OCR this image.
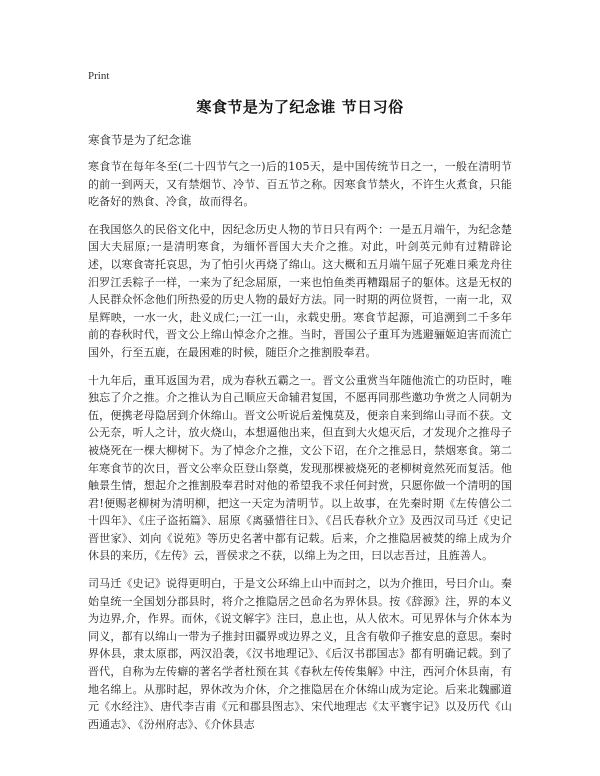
Print
寒食节是为了纪念谁 节日习俗
寒食节是为了纪念谁

寒食节在每年冬至(二十四节气之一)后的105天，是中国传统节日之一，一般在清明节的前一到两天，又有禁烟节、冷节、百五节之称。因寒食节禁火，不许生火煮食，只能吃备好的熟食、冷食，故而得名。

在我国悠久的民俗文化中，因纪念历史人物的节日只有两个：一是五月端午，为纪念楚国大夫屈原;一是清明寒食，为缅怀晋国大夫介之推。对此，叶剑英元帅有过精辟论述，以寒食寄托哀思，为了怕引火再烧了绵山。这大概和五月端午屈子死难日乘龙舟往汨罗江丢粽子一样，一来为了纪念屈原，一来也怕鱼类再糟蹋屈子的躯体。这是无权的人民群众怀念他们所热爱的历史人物的最好方法。同一时期的两位贤哲，一南一北，双星辉映，一水一火，赴义成仁;一江一山，永载史册。寒食节起源，可追溯到二千多年前的春秋时代，晋文公上绵山悼念介之推。当时，晋国公子重耳为逃避骊姬迫害而流亡国外，行至五鹿，在最困难的时候，随臣介之推割股奉君。

十九年后，重耳返国为君，成为春秋五霸之一。晋文公重赏当年随他流亡的功臣时，唯独忘了介之推。介之推认为自己顺应天命辅君复国，不愿再同那些邀功争赏之人同朝为伍，便携老母隐居到介休绵山。晋文公听说后羞愧莫及，便亲自来到绵山寻而不获。文公无奈，听人之计，放火烧山，本想逼他出来，但直到大火熄灭后，才发现介之推母子被烧死在一棵大柳树下。为了悼念介之推，文公下诏，在介之推忌日，禁烟寒食。第二年寒食节的次日，晋文公率众臣登山祭奠，发现那棵被烧死的老柳树竟然死而复活。他触景生情，想起介之推割股奉君时对他的希望我不求任何封赏，只愿你做一个清明的国君!便赐老柳树为清明柳，把这一天定为清明节。以上故事，在先秦时期《左传僖公二十四年》、《庄子盗拓篇》、屈原《离骚惜往日》、《吕氏春秋介立》及西汉司马迁《史记晋世家》、刘向《说苑》等历史名著中都有记载。后来，介之推隐居被焚的绵上成为介休县的来历，《左传》云，晋侯求之不获，以绵上为之田，曰以志吾过，且旌善人。

司马迁《史记》说得更明白，于是文公环绵上山中而封之，以为介推田，号曰介山。秦始皇统一全国划分郡县时，将介之推隐居之邑命名为界休县。按《辞源》注，界的本义为边界,介，作界。而休，《说文解字》注曰，息止也，从人依木。可见界休与介休本为同义，都有以绵山一带为子推封田疆界或边界之义，且含有敬仰子推安息的意思。秦时界休县，隶太原郡，两汉沿袭，《汉书地理记》、《后汉书郡国志》都有明确记载。到了晋代，自称为左传癖的著名学者杜预在其《春秋左传传集解》中注，西河介休县南，有地名绵上。从那时起，界休改为介休，介之推隐居在介休绵山成为定论。后来北魏郦道元《水经注》、唐代李吉甫《元和郡县图志》、宋代地理志《太平寰宇记》以及历代《山西通志》、《汾州府志》、《介休县志
